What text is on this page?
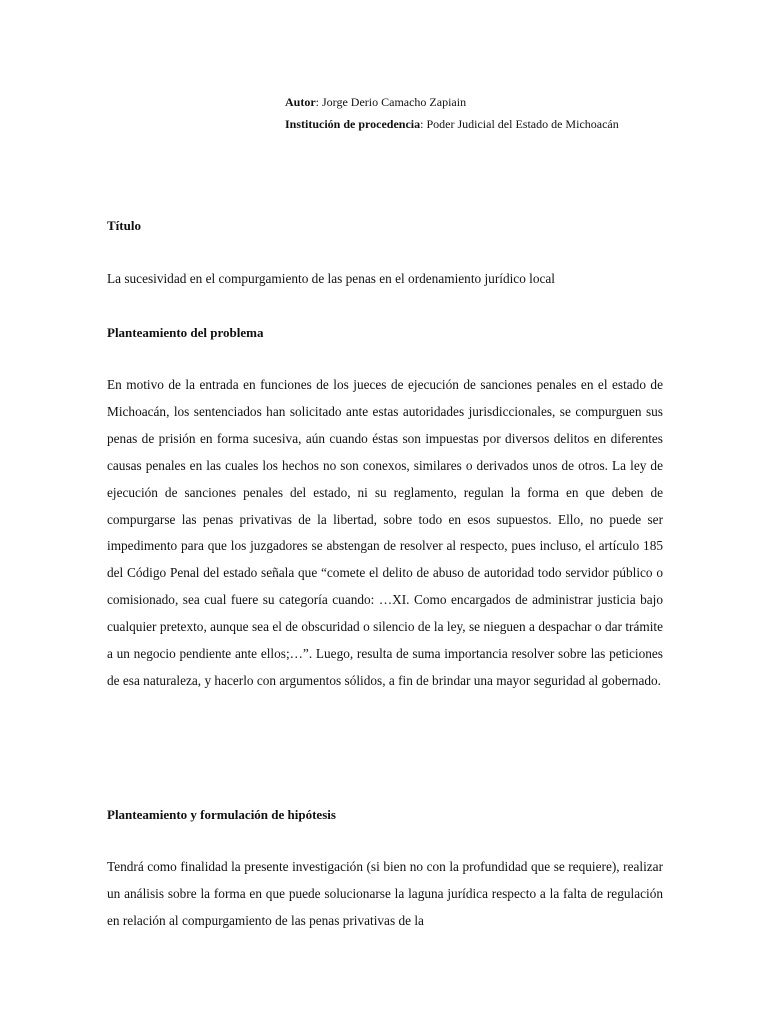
Autor: Jorge Derio Camacho Zapiain
Institución de procedencia: Poder Judicial del Estado de Michoacán
Título

La sucesividad en el compurgamiento de las penas en el ordenamiento jurídico local

Planteamiento del problema

En motivo de la entrada en funciones de los jueces de ejecución de sanciones penales en el estado de Michoacán, los sentenciados han solicitado ante estas autoridades jurisdiccionales, se compurguen sus penas de prisión en forma sucesiva, aún cuando éstas son impuestas por diversos delitos en diferentes causas penales en las cuales los hechos no son conexos, similares o derivados unos de otros. La ley de ejecución de sanciones penales del estado, ni su reglamento, regulan la forma en que deben de compurgarse las penas privativas de la libertad, sobre todo en esos supuestos. Ello, no puede ser impedimento para que los juzgadores se abstengan de resolver al respecto, pues incluso, el artículo 185 del Código Penal del estado señala que “comete el delito de abuso de autoridad todo servidor público o comisionado, sea cual fuere su categoría cuando: …XI. Como encargados de administrar justicia bajo cualquier pretexto, aunque sea el de obscuridad o silencio de la ley, se nieguen a despachar o dar trámite a un negocio pendiente ante ellos;…”. Luego, resulta de suma importancia resolver sobre las peticiones de esa naturaleza, y hacerlo con argumentos sólidos, a fin de brindar una mayor seguridad al gobernado.

Planteamiento y formulación de hipótesis

Tendrá como finalidad la presente investigación (si bien no con la profundidad que se requiere), realizar un análisis sobre la forma en que puede solucionarse la laguna jurídica respecto a la falta de regulación en relación al compurgamiento de las penas privativas de la
